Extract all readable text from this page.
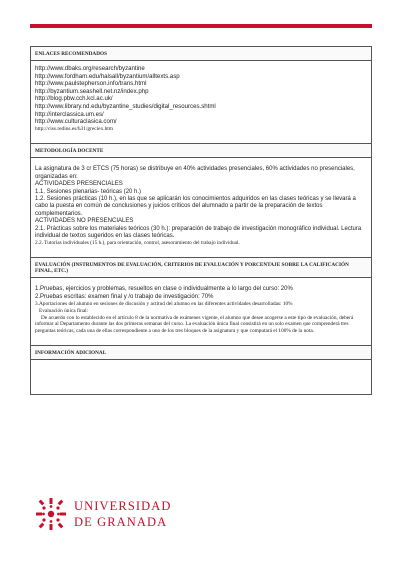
ENLACES RECOMENDADOS
http://www.dbaks.org/research/byzantine
http://www.fordham.edu/halsall/byzantium/alltexts.asp
http://www.paulstepherson.info/trans.html
http://byzantium.seashell.net.nz/index.php
http://blog.pbw.cch.kcl.ac.uk/
http://www.library.nd.edu/byzantine_studies/digital_resources.shtml
http://interclassica.um.es/
http://www.culturaclasica.com/
http://ciss.redins.es/h31/greciex.htm
METODOLOGÍA DOCENTE

La asignatura de 3 cr ETCS (75 horas) se distribuye en 40% actividades presenciales, 60% actividades no presenciales, organizadas en:

ACTIVIDADES PRESENCIALES

1.1. Sesiones plenarias- teóricas (20 h.)

1.2. Sesiones prácticas (10 h.), en las que se aplicarán los conocimientos adquiridos en las clases teóricas y se llevará a cabo la puesta en común de conclusiones y juicios críticos del alumnado a partir de la preparación de textos complementarios.

ACTIVIDADES NO PRESENCIALES

2.1. Prácticas sobre los materiales teóricos (30 h.): preparación de trabajo de investigación monográfico individual. Lectura individual de textos sugeridos en las clases teóricas.

2.2. Tutorías individuales (15 h.), para orientación, control, asesoramiento del trabajo individual.

EVALUACIÓN (INSTRUMENTOS DE EVALUACIÓN, CRITERIOS DE EVALUACIÓN Y PORCENTAJE SOBRE LA CALIFICACIÓN FINAL, ETC.)

1.Pruebas, ejercicios y problemas, resueltos en clase o individualmente a lo largo del curso: 20%

2.Pruebas escritas: examen final y /o trabajo de investigación: 70%

3.Aportaciones del alumno en sesiones de discusión y actitud del alumno en las diferentes actividades desarrolladas: 10%

Evaluación única final:

De acuerdo con lo establecido en el artículo 8 de la normativa de exámenes vigente, el alumno que desee acogerse a este tipo de evaluación, deberá informar al Departamento durante las dos primeras semanas del curso. La evaluación única final consistirá en un solo examen que comprenderá tres preguntas teóricas, cada una de ellas correspondiente a uno de los tres bloques de la asignatura y que computará el 100% de la nota.

INFORMACIÓN ADICIONAL
UNIVERSIDAD
DE GRANADA
